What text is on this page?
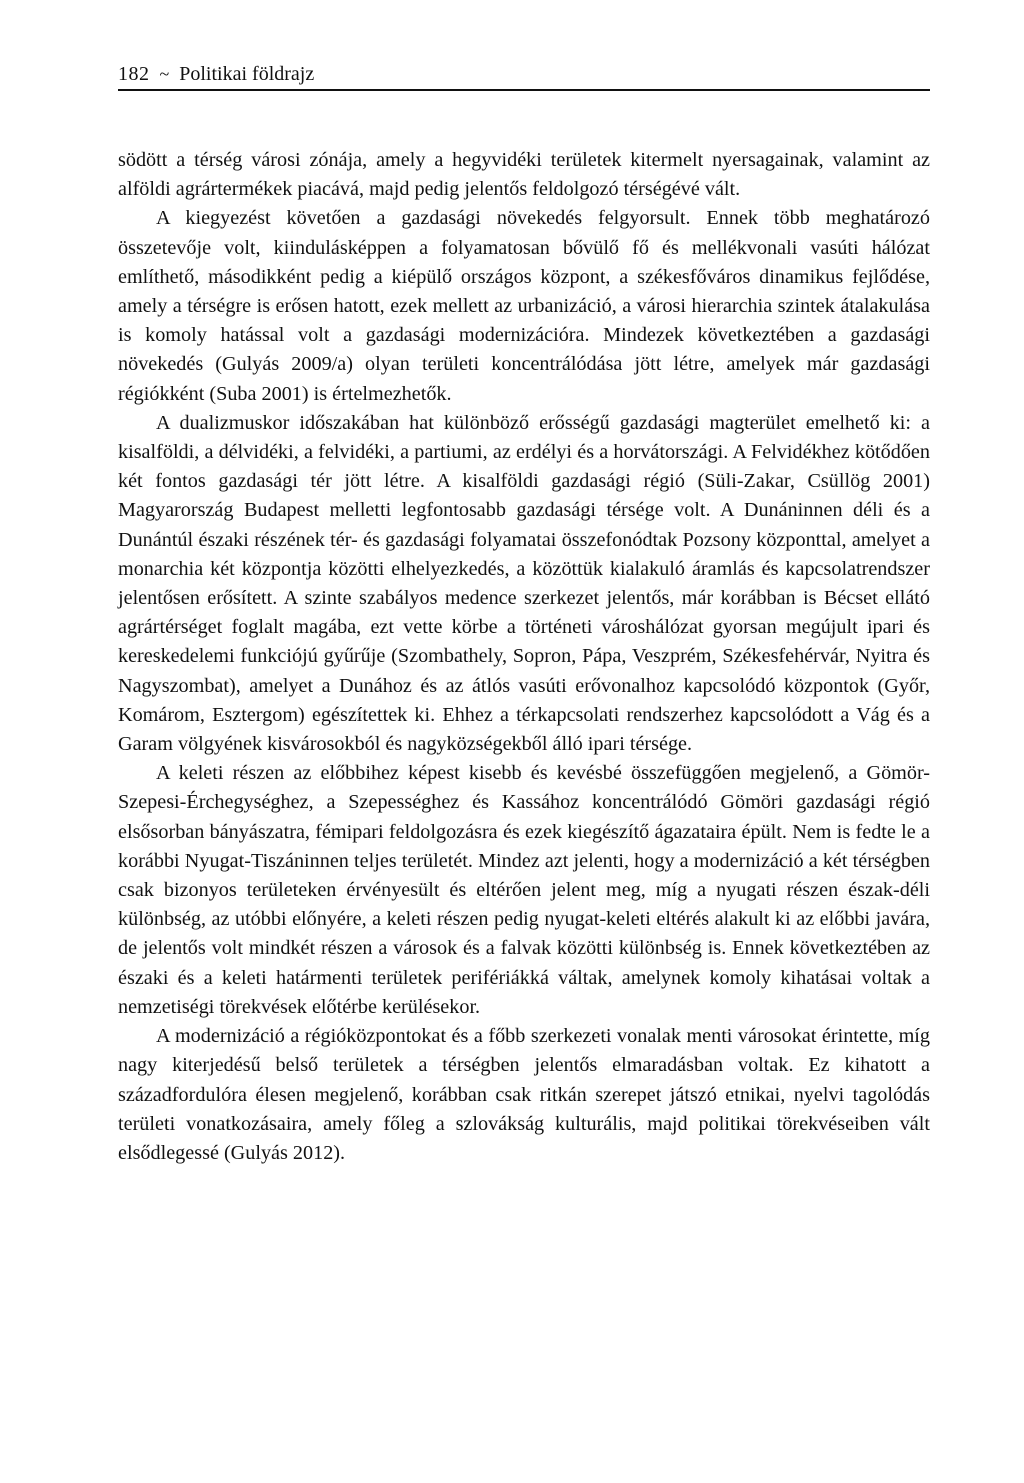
182 ~ Politikai földrajz

södött a térség városi zónája, amely a hegyvidéki területek kitermelt nyersagainak, valamint az alföldi agrártermékek piacává, majd pedig jelentős feldolgozó térségévé vált.

A kiegyezést követően a gazdasági növekedés felgyorsult. Ennek több meghatározó összetevője volt, kiindulásképpen a folyamatosan bővülő fő és mellékvonali vasúti hálózat említhető, másodikként pedig a kiépülő országos központ, a székesfőváros dinamikus fejlődése, amely a térségre is erősen hatott, ezek mellett az urbanizáció, a városi hierarchia szintek átalakulása is komoly hatással volt a gazdasági modernizációra. Mindezek következtében a gazdasági növekedés (Gulyás 2009/a) olyan területi koncentrálódása jött létre, amelyek már gazdasági régiókként (Suba 2001) is értelmezhetők.

A dualizmuskor időszakában hat különböző erősségű gazdasági magterület emelhető ki: a kisalföldi, a délvidéki, a felvidéki, a partiumi, az erdélyi és a horvátországi. A Felvidékhez kötődően két fontos gazdasági tér jött létre. A kisalföldi gazdasági régió (Süli-Zakar, Csüllög 2001) Magyarország Budapest melletti legfontosabb gazdasági térsége volt. A Dunáninnen déli és a Dunántúl északi részének tér- és gazdasági folyamatai összefonódtak Pozsony központtal, amelyet a monarchia két központja közötti elhelyezkedés, a közöttük kialakuló áramlás és kapcsolatrendszer jelentősen erősített. A szinte szabályos medence szerkezet jelentős, már korábban is Bécset ellátó agrártérséget foglalt magába, ezt vette körbe a történeti városhálózat gyorsan megújult ipari és kereskedelemi funkciójú gyűrűje (Szombathely, Sopron, Pápa, Veszprém, Székesfehérvár, Nyitra és Nagyszombat), amelyet a Dunához és az átlós vasúti erővonalhoz kapcsolódó központok (Győr, Komárom, Esztergom) egészítettek ki. Ehhez a térkapcsolati rendszerhez kapcsolódott a Vág és a Garam völgyének kisvárosokból és nagyközségekből álló ipari térsége.

A keleti részen az előbbihez képest kisebb és kevésbé összefüggően megjelenő, a Gömör-Szepesi-Érchegységhez, a Szepességhez és Kassához koncentrálódó Gömöri gazdasági régió elsősorban bányászatra, fémipari feldolgozásra és ezek kiegészítő ágazataira épült. Nem is fedte le a korábbi Nyugat-Tiszáninnen teljes területét. Mindez azt jelenti, hogy a modernizáció a két térségben csak bizonyos területeken érvényesült és eltérően jelent meg, míg a nyugati részen észak-déli különbség, az utóbbi előnyére, a keleti részen pedig nyugat-keleti eltérés alakult ki az előbbi javára, de jelentős volt mindkét részen a városok és a falvak közötti különbség is. Ennek következtében az északi és a keleti határmenti területek perifériákká váltak, amelynek komoly kihatásai voltak a nemzetiségi törekvések előtérbe kerülésekor.

A modernizáció a régióközpontokat és a főbb szerkezeti vonalak menti városokat érintette, míg nagy kiterjedésű belső területek a térségben jelentős elmaradásban voltak. Ez kihatott a századfordulóra élesen megjelenő, korábban csak ritkán szerepet játszó etnikai, nyelvi tagolódás területi vonatkozásaira, amely főleg a szlovákság kulturális, majd politikai törekvéseiben vált elsődlegessé (Gulyás 2012).
